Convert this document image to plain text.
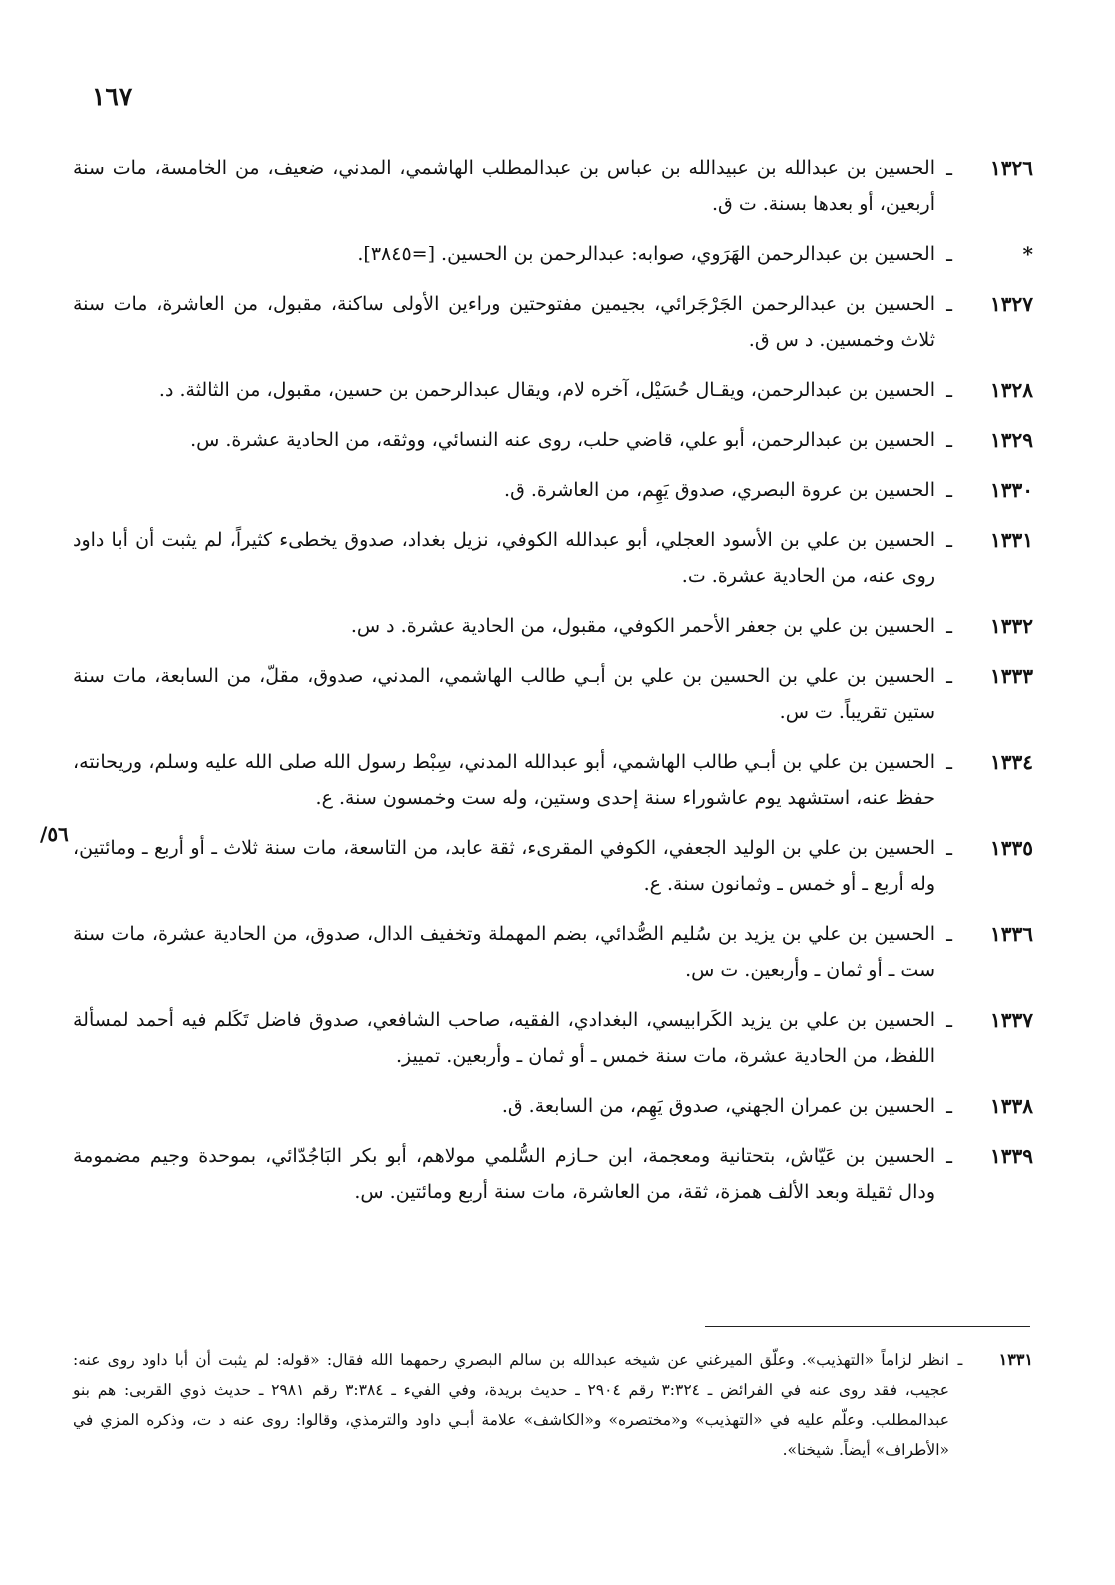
١٦٧
٥٦/
١٣٢٦
ـ
الحسين بن عبدالله بن عبيدالله بن عباس بن عبدالمطلب الهاشمي، المدني، ضعيف، من الخامسة، مات سنة أربعين، أو بعدها بسنة. ت ق.
*
ـ
الحسين بن عبدالرحمن الهَرَوي، صوابه: عبدالرحمن بن الحسين. [=٣٨٤٥].
١٣٢٧
ـ
الحسين بن عبدالرحمن الجَرْجَرائي، بجيمين مفتوحتين وراءين الأولى ساكنة، مقبول، من العاشرة، مات سنة ثلاث وخمسين. د س ق.
١٣٢٨
ـ
الحسين بن عبدالرحمن، ويقـال حُسَيْل، آخره لام، ويقال عبدالرحمن بن حسين، مقبول، من الثالثة. د.
١٣٢٩
ـ
الحسين بن عبدالرحمن، أبو علي، قاضي حلب، روى عنه النسائي، ووثقه، من الحادية عشرة. س.
١٣٣٠
ـ
الحسين بن عروة البصري، صدوق يَهِم، من العاشرة. ق.
١٣٣١
ـ
الحسين بن علي بن الأسود العجلي، أبو عبدالله الكوفي، نزيل بغداد، صدوق يخطىء كثيراً، لم يثبت أن أبا داود روى عنه، من الحادية عشرة. ت.
١٣٣٢
ـ
الحسين بن علي بن جعفر الأحمر الكوفي، مقبول، من الحادية عشرة. د س.
١٣٣٣
ـ
الحسين بن علي بن الحسين بن علي بن أبـي طالب الهاشمي، المدني، صدوق، مقلّ، من السابعة، مات سنة ستين تقريباً. ت س.
١٣٣٤
ـ
الحسين بن علي بن أبـي طالب الهاشمي، أبو عبدالله المدني، سِبْط رسول الله صلى الله عليه وسلم، وريحانته، حفظ عنه، استشهد يوم عاشوراء سنة إحدى وستين، وله ست وخمسون سنة. ع.
١٣٣٥
ـ
الحسين بن علي بن الوليد الجعفي، الكوفي المقرىء، ثقة عابد، من التاسعة، مات سنة ثلاث ـ أو أربع ـ ومائتين، وله أربع ـ أو خمس ـ وثمانون سنة. ع.
١٣٣٦
ـ
الحسين بن علي بن يزيد بن سُليم الصُّدائي، بضم المهملة وتخفيف الدال، صدوق، من الحادية عشرة، مات سنة ست ـ أو ثمان ـ وأربعين. ت س.
١٣٣٧
ـ
الحسين بن علي بن يزيد الكَرابيسي، البغدادي، الفقيه، صاحب الشافعي، صدوق فاضل تَكَلم فيه أحمد لمسألة اللفظ، من الحادية عشرة، مات سنة خمس ـ أو ثمان ـ وأربعين. تمييز.
١٣٣٨
ـ
الحسين بن عمران الجهني، صدوق يَهِم، من السابعة. ق.
١٣٣٩
ـ
الحسين بن عَيّاش، بتحتانية ومعجمة، ابن حـازم السُّلمي مولاهم، أبو بكر البَاجُدّائي، بموحدة وجيم مضمومة ودال ثقيلة وبعد الألف همزة، ثقة، من العاشرة، مات سنة أربع ومائتين. س.
١٣٣١
ـ
انظر لزاماً «التهذيب». وعلّق الميرغني عن شيخه عبدالله بن سالم البصري رحمهما الله فقال: «قوله: لم يثبت أن أبا داود روى عنه: عجيب، فقد روى عنه في الفرائض ـ ٣:٣٢٤ رقم ٢٩٠٤ ـ حديث بريدة، وفي الفيء ـ ٣:٣٨٤ رقم ٢٩٨١ ـ حديث ذوي القربى: هم بنو عبدالمطلب. وعلّم عليه في «التهذيب» و«مختصره» و«الكاشف» علامة أبـي داود والترمذي، وقالوا: روى عنه د ت، وذكره المزي في «الأطراف» أيضاً. شيخنا».
